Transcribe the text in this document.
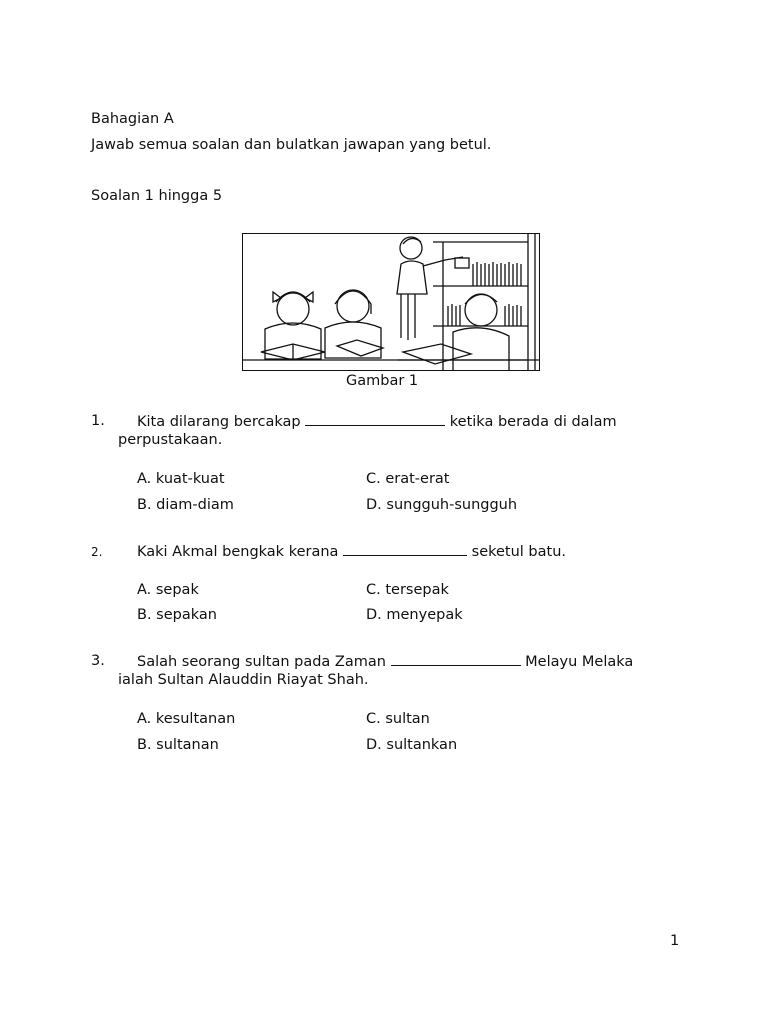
Bahagian A
Jawab semua soalan dan bulatkan jawapan yang betul.
Soalan 1 hingga 5
Gambar 1
1. Kita dilarang bercakap	ketika berada di dalam
perpustakaan.
A. kuat-kuat	C. erat-erat
B. diam-diam	D. sungguh-sungguh
2. Kaki Akmal bengkak kerana	seketul batu.
A. sepak	C. tersepak
B. sepakan	D. menyepak
3. Salah seorang sultan pada Zaman	Melayu Melaka
ialah Sultan Alauddin Riayat Shah.
A. kesultanan	C. sultan
B. sultanan	D. sultankan
1
